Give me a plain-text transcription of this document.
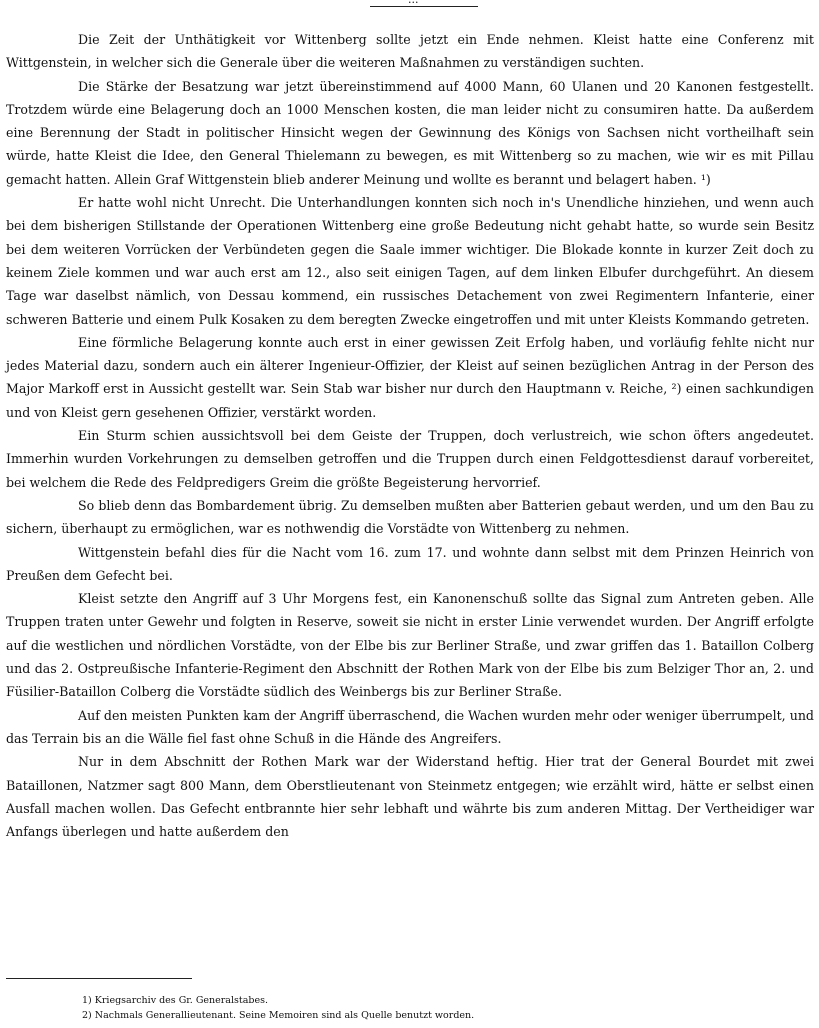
Die Zeit der Unthätigkeit vor Wittenberg sollte jetzt ein Ende nehmen. Kleist hatte eine Conferenz mit Wittgenstein, in welcher sich die Generale über die weiteren Maßnahmen zu verständigen suchten.

Die Stärke der Besatzung war jetzt übereinstimmend auf 4000 Mann, 60 Ulanen und 20 Kanonen festgestellt. Trotzdem würde eine Belagerung doch an 1000 Menschen kosten, die man leider nicht zu consumiren hatte. Da außerdem eine Berennung der Stadt in politischer Hinsicht wegen der Gewinnung des Königs von Sachsen nicht vortheilhaft sein würde, hatte Kleist die Idee, den General Thielemann zu bewegen, es mit Wittenberg so zu machen, wie wir es mit Pillau gemacht hatten. Allein Graf Wittgenstein blieb anderer Meinung und wollte es berannt und belagert haben. ¹)

Er hatte wohl nicht Unrecht. Die Unterhandlungen konnten sich noch in's Unendliche hinziehen, und wenn auch bei dem bisherigen Stillstande der Operationen Wittenberg eine große Bedeutung nicht gehabt hatte, so wurde sein Besitz bei dem weiteren Vorrücken der Verbündeten gegen die Saale immer wichtiger. Die Blokade konnte in kurzer Zeit doch zu keinem Ziele kommen und war auch erst am 12., also seit einigen Tagen, auf dem linken Elbufer durchgeführt. An diesem Tage war daselbst nämlich, von Dessau kommend, ein russisches Detachement von zwei Regimentern Infanterie, einer schweren Batterie und einem Pulk Kosaken zu dem beregten Zwecke eingetroffen und mit unter Kleists Kommando getreten.

Eine förmliche Belagerung konnte auch erst in einer gewissen Zeit Erfolg haben, und vorläufig fehlte nicht nur jedes Material dazu, sondern auch ein älterer Ingenieur-Offizier, der Kleist auf seinen bezüglichen Antrag in der Person des Major Markoff erst in Aussicht gestellt war. Sein Stab war bisher nur durch den Hauptmann v. Reiche, ²) einen sachkundigen und von Kleist gern gesehenen Offizier, verstärkt worden.

Ein Sturm schien aussichtsvoll bei dem Geiste der Truppen, doch verlustreich, wie schon öfters angedeutet. Immerhin wurden Vorkehrungen zu demselben getroffen und die Truppen durch einen Feldgottesdienst darauf vorbereitet, bei welchem die Rede des Feldpredigers Greim die größte Begeisterung hervorrief.

So blieb denn das Bombardement übrig. Zu demselben mußten aber Batterien gebaut werden, und um den Bau zu sichern, überhaupt zu ermöglichen, war es nothwendig die Vorstädte von Wittenberg zu nehmen.

Wittgenstein befahl dies für die Nacht vom 16. zum 17. und wohnte dann selbst mit dem Prinzen Heinrich von Preußen dem Gefecht bei.

Kleist setzte den Angriff auf 3 Uhr Morgens fest, ein Kanonenschuß sollte das Signal zum Antreten geben. Alle Truppen traten unter Gewehr und folgten in Reserve, soweit sie nicht in erster Linie verwendet wurden. Der Angriff erfolgte auf die westlichen und nördlichen Vorstädte, von der Elbe bis zur Berliner Straße, und zwar griffen das 1. Bataillon Colberg und das 2. Ostpreußische Infanterie-Regiment den Abschnitt der Rothen Mark von der Elbe bis zum Belziger Thor an, 2. und Füsilier-Bataillon Colberg die Vorstädte südlich des Weinbergs bis zur Berliner Straße.

Auf den meisten Punkten kam der Angriff überraschend, die Wachen wurden mehr oder weniger überrumpelt, und das Terrain bis an die Wälle fiel fast ohne Schuß in die Hände des Angreifers.

Nur in dem Abschnitt der Rothen Mark war der Widerstand heftig. Hier trat der General Bourdet mit zwei Bataillonen, Natzmer sagt 800 Mann, dem Oberstlieutenant von Steinmetz entgegen; wie erzählt wird, hätte er selbst einen Ausfall machen wollen. Das Gefecht entbrannte hier sehr lebhaft und währte bis zum anderen Mittag. Der Vertheidiger war Anfangs überlegen und hatte außerdem den

1) Kriegsarchiv des Gr. Generalstabes.
2) Nachmals Generallieutenant. Seine Memoiren sind als Quelle benutzt worden.
